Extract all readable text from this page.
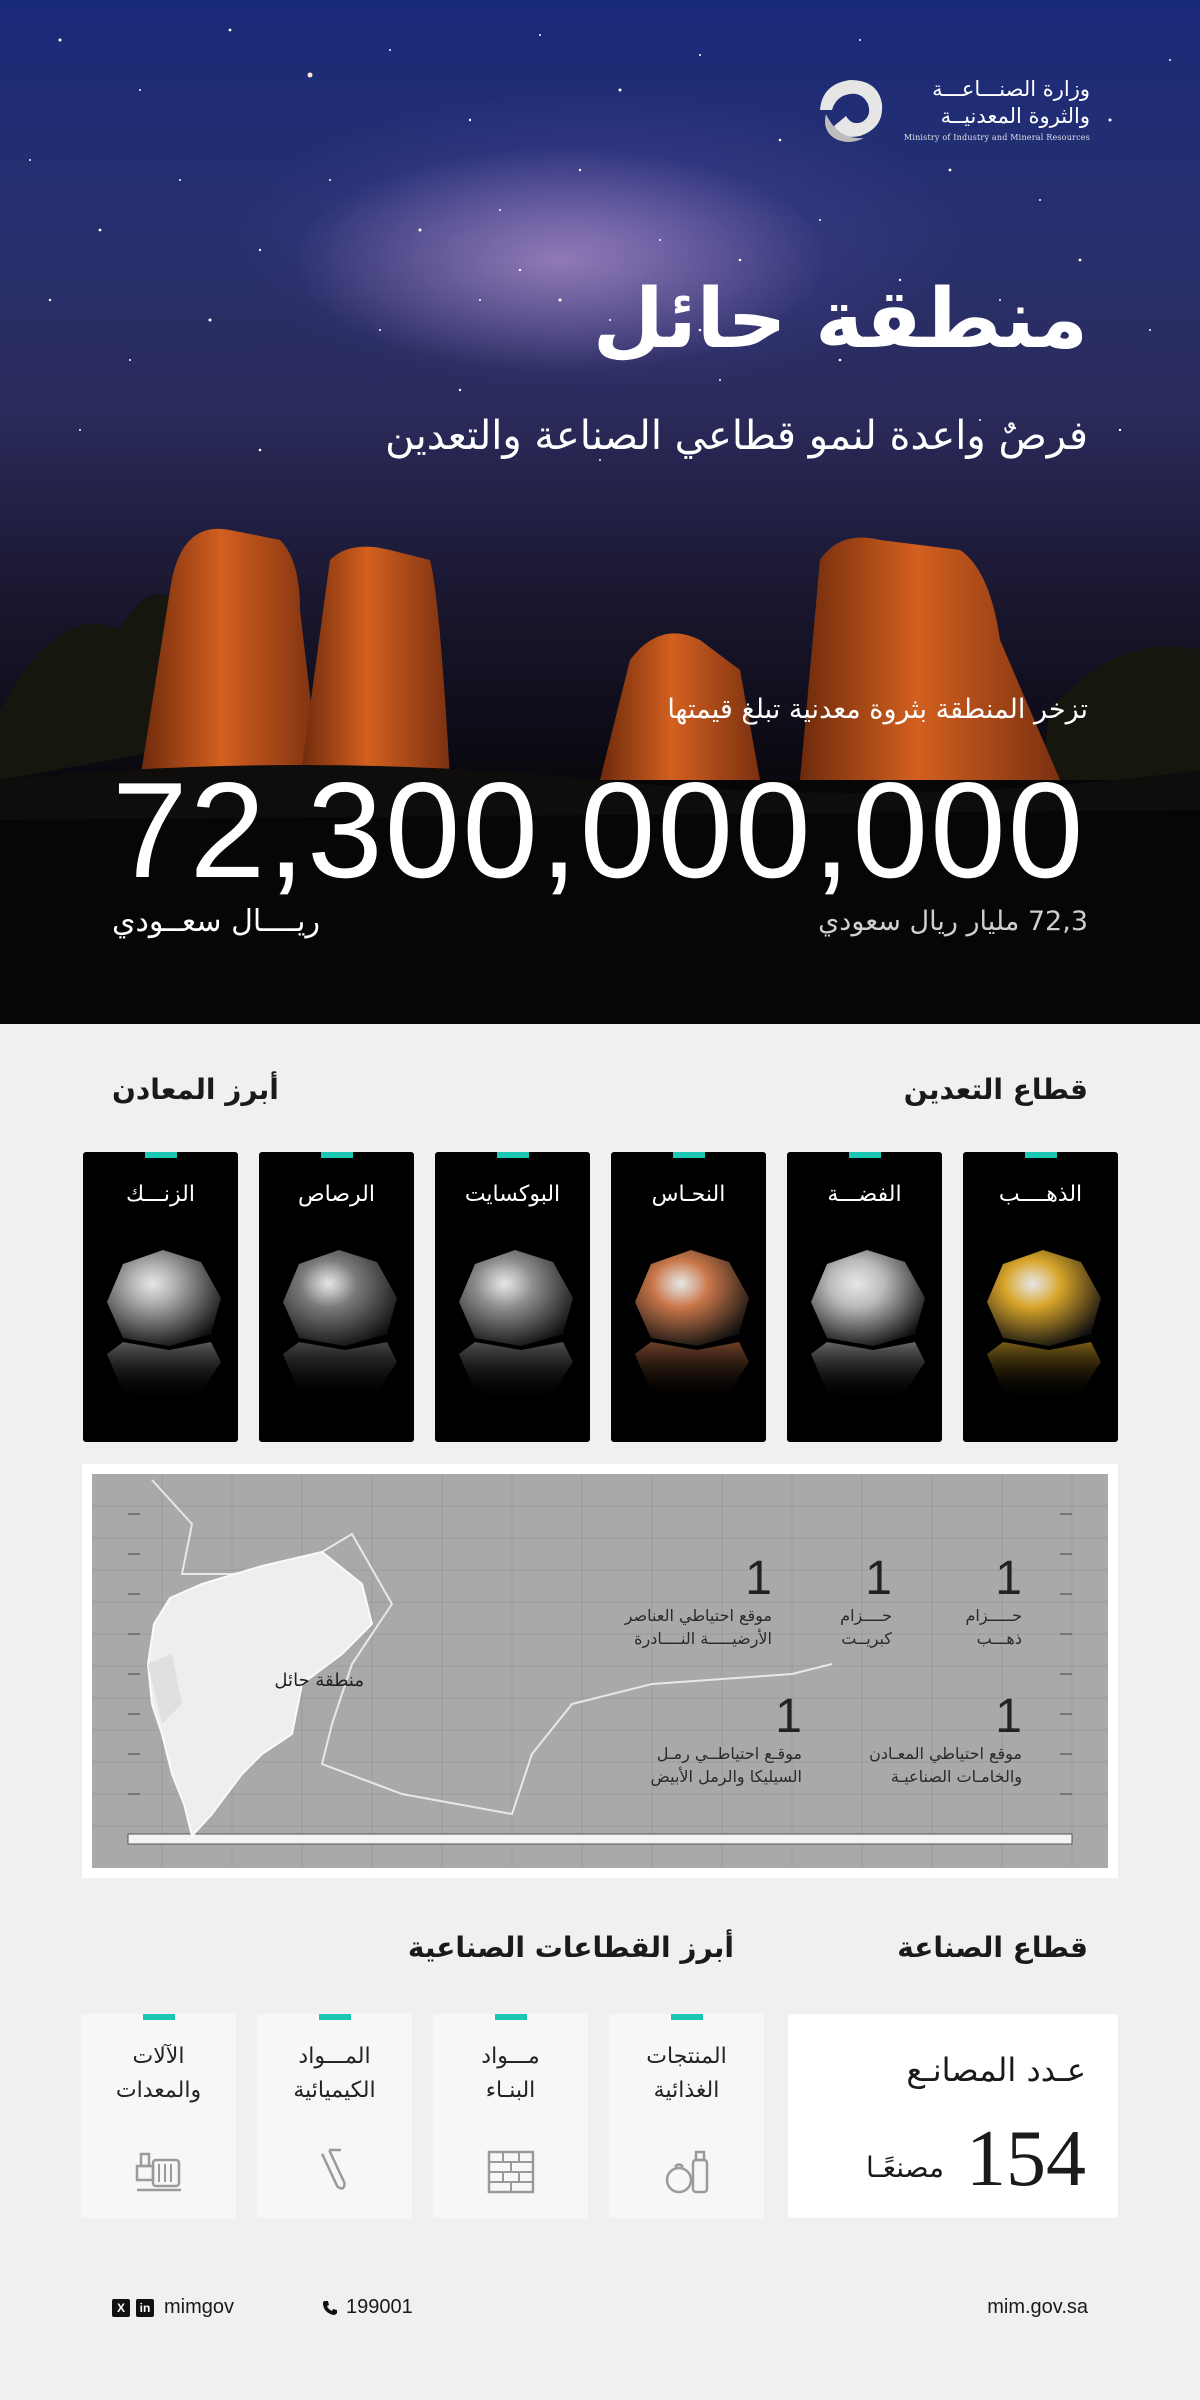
وزارة الصنـــاعـــة
والثروة المعدنيــة
Ministry of Industry and Mineral Resources
منطقة حائل
فرصٌ واعدة لنمو قطاعي الصناعة والتعدين
تزخر المنطقة بثروة معدنية تبلغ قيمتها
72,300,000,000
72,3 مليار ريال سعودي
ريــــال سعــودي
قطاع التعدين
أبرز المعادن
الذهــــب
الفضـــة
النحـاس
البوكسايت
الرصاص
الزنـــك
منطقة حائل
1
حـــــزام
ذهـــب
1
حــــزام
كبريــت
1
موقع احتياطي العناصر
الأرضيـــــة النــــادرة
1
موقع احتياطي المعـادن
والخامـات الصناعيـة
1
موقـع احتياطــي رمـل
السيليكا والرمل الأبيض
قطاع الصناعة
أبرز القطاعات الصناعية
عـدد المصانـع
154
مصنعًـا
المنتجات
الغذائية
مـــواد
البنـاء
المـــواد
الكيميائية
الآلات
والمعدات
mim.gov.sa
199001
X	in mimgov
